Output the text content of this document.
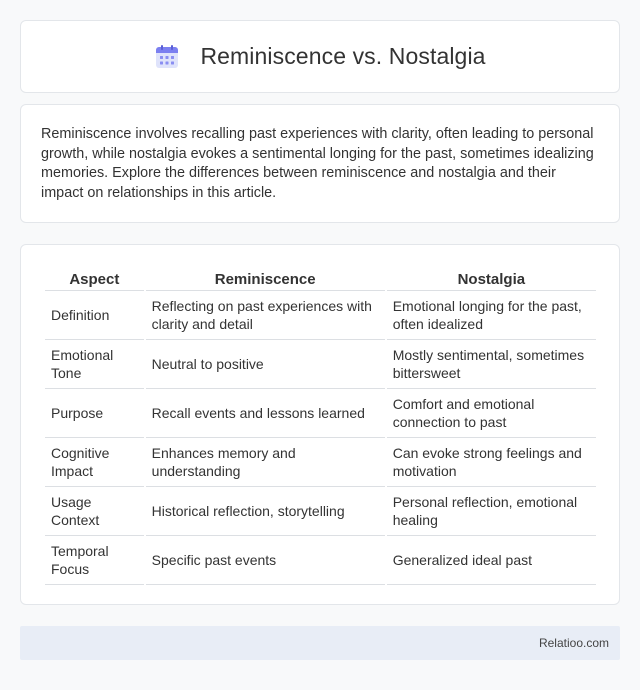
Reminiscence vs. Nostalgia

Reminiscence involves recalling past experiences with clarity, often leading to personal growth, while nostalgia evokes a sentimental longing for the past, sometimes idealizing memories. Explore the differences between reminiscence and nostalgia and their impact on relationships in this article.

Aspect	Reminiscence	Nostalgia
Definition	Reflecting on past experiences with clarity and detail	Emotional longing for the past, often idealized
Emotional Tone	Neutral to positive	Mostly sentimental, sometimes bittersweet
Purpose	Recall events and lessons learned	Comfort and emotional connection to past
Cognitive Impact	Enhances memory and understanding	Can evoke strong feelings and motivation
Usage Context	Historical reflection, storytelling	Personal reflection, emotional healing
Temporal Focus	Specific past events	Generalized ideal past
Relatioo.com
